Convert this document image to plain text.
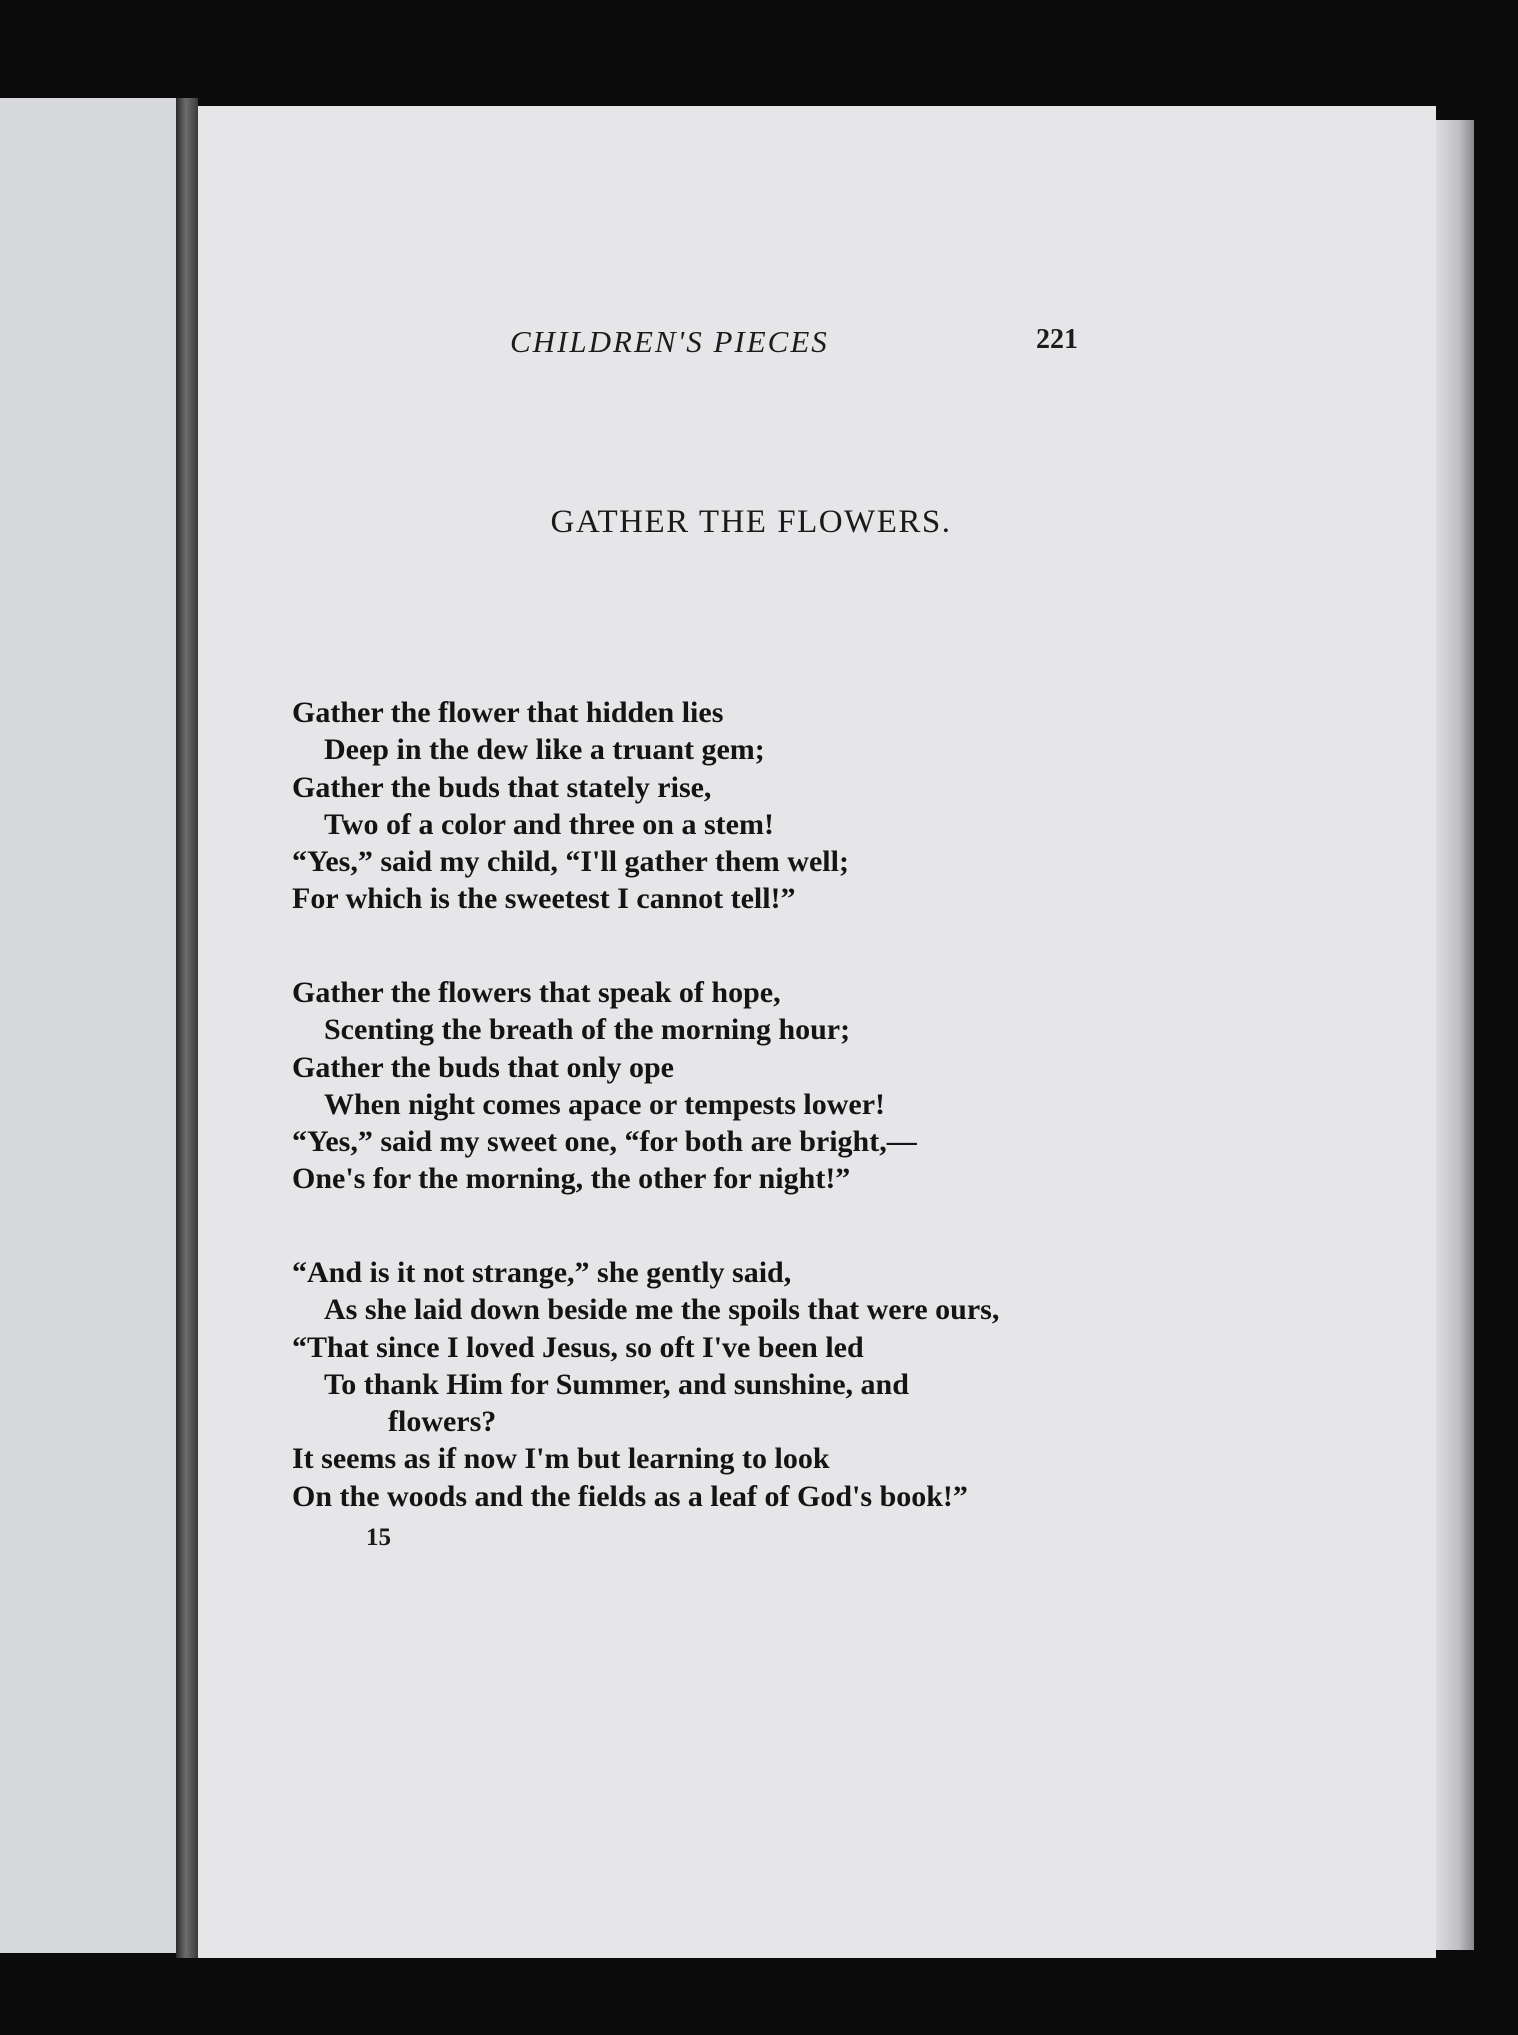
CHILDREN'S PIECES	221
GATHER THE FLOWERS.
Gather the flower that hidden lies
Deep in the dew like a truant gem;
Gather the buds that stately rise,
Two of a color and three on a stem!
“Yes,” said my child, “I'll gather them well;
For which is the sweetest I cannot tell!”
Gather the flowers that speak of hope,
Scenting the breath of the morning hour;
Gather the buds that only ope
When night comes apace or tempests lower!
“Yes,” said my sweet one, “for both are bright,—
One's for the morning, the other for night!”
“And is it not strange,” she gently said,
As she laid down beside me the spoils that were ours,
“That since I loved Jesus, so oft I've been led
To thank Him for Summer, and sunshine, and
flowers?
It seems as if now I'm but learning to look
On the woods and the fields as a leaf of God's book!”
15
